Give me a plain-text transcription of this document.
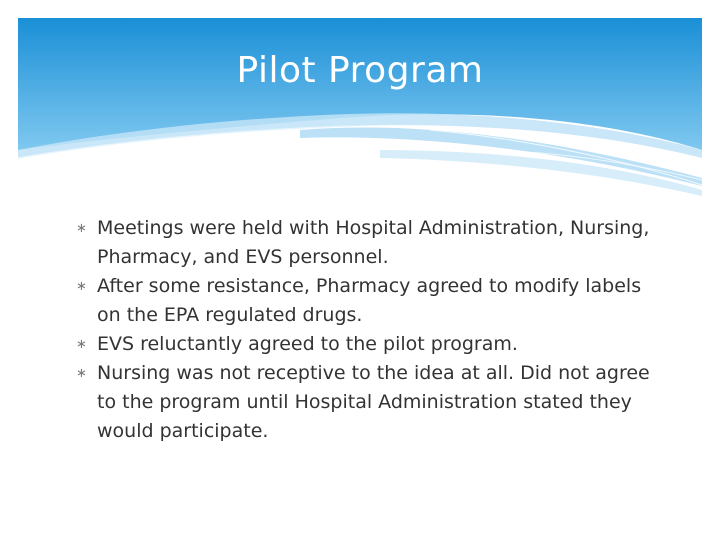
Pilot Program
∗ Meetings were held with Hospital Administration, Nursing, Pharmacy, and EVS personnel.
∗ After some resistance, Pharmacy agreed to modify labels on the EPA regulated drugs.
∗ EVS reluctantly agreed to the pilot program.
∗ Nursing was not receptive to the idea at all. Did not agree to the program until Hospital Administration stated they would participate.
